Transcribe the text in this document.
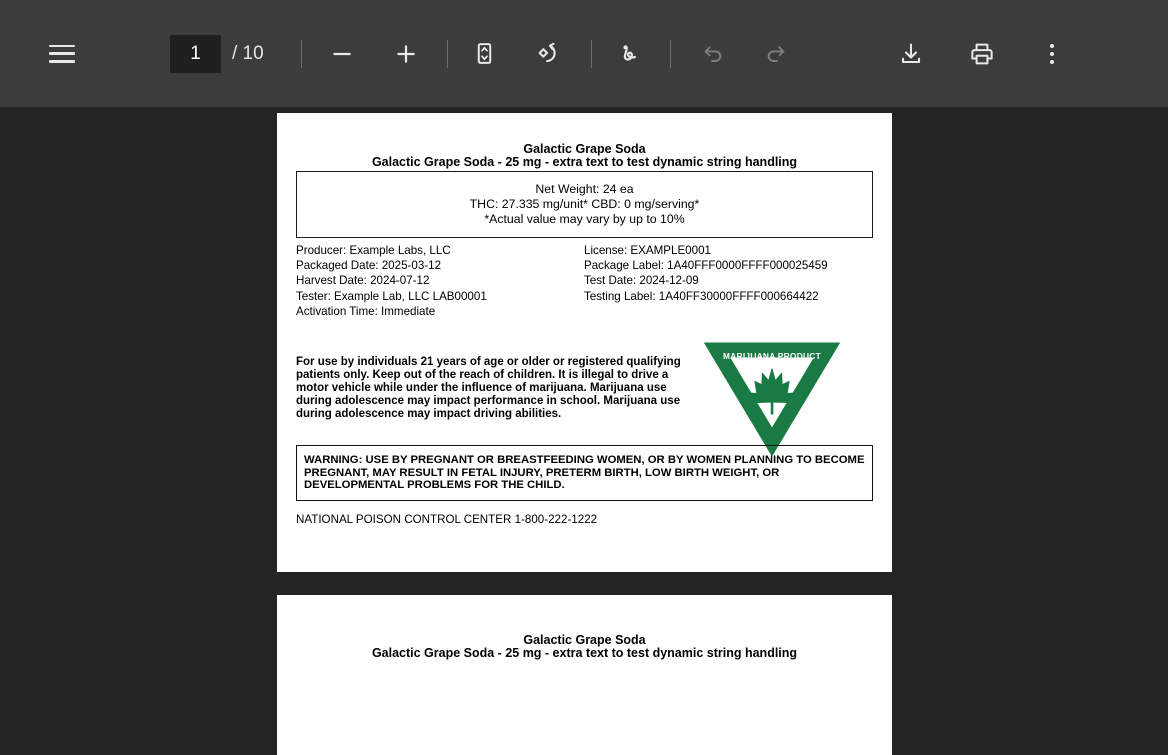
1
/ 10
Galactic Grape Soda
Galactic Grape Soda - 25 mg - extra text to test dynamic string handling
Net Weight: 24 ea
THC: 27.335 mg/unit* CBD: 0 mg/serving*
*Actual value may vary by up to 10%
Producer: Example Labs, LLC
Packaged Date: 2025-03-12
Harvest Date: 2024-07-12
Tester: Example Lab, LLC LAB00001
Activation Time: Immediate
License: EXAMPLE0001
Package Label: 1A40FFF0000FFFF000025459
Test Date: 2024-12-09
Testing Label: 1A40FF30000FFFF000664422
For use by individuals 21 years of age or older or registered qualifying patients only. Keep out of the reach of children. It is illegal to drive a motor vehicle while under the influence of marijuana. Marijuana use during adolescence may impact performance in school. Marijuana use during adolescence may impact driving abilities.
MARIJUANA PRODUCT
WARNING: USE BY PREGNANT OR BREASTFEEDING WOMEN, OR BY WOMEN PLANNING TO BECOME PREGNANT, MAY RESULT IN FETAL INJURY, PRETERM BIRTH, LOW BIRTH WEIGHT, OR DEVELOPMENTAL PROBLEMS FOR THE CHILD.
NATIONAL POISON CONTROL CENTER 1-800-222-1222
Galactic Grape Soda
Galactic Grape Soda - 25 mg - extra text to test dynamic string handling
